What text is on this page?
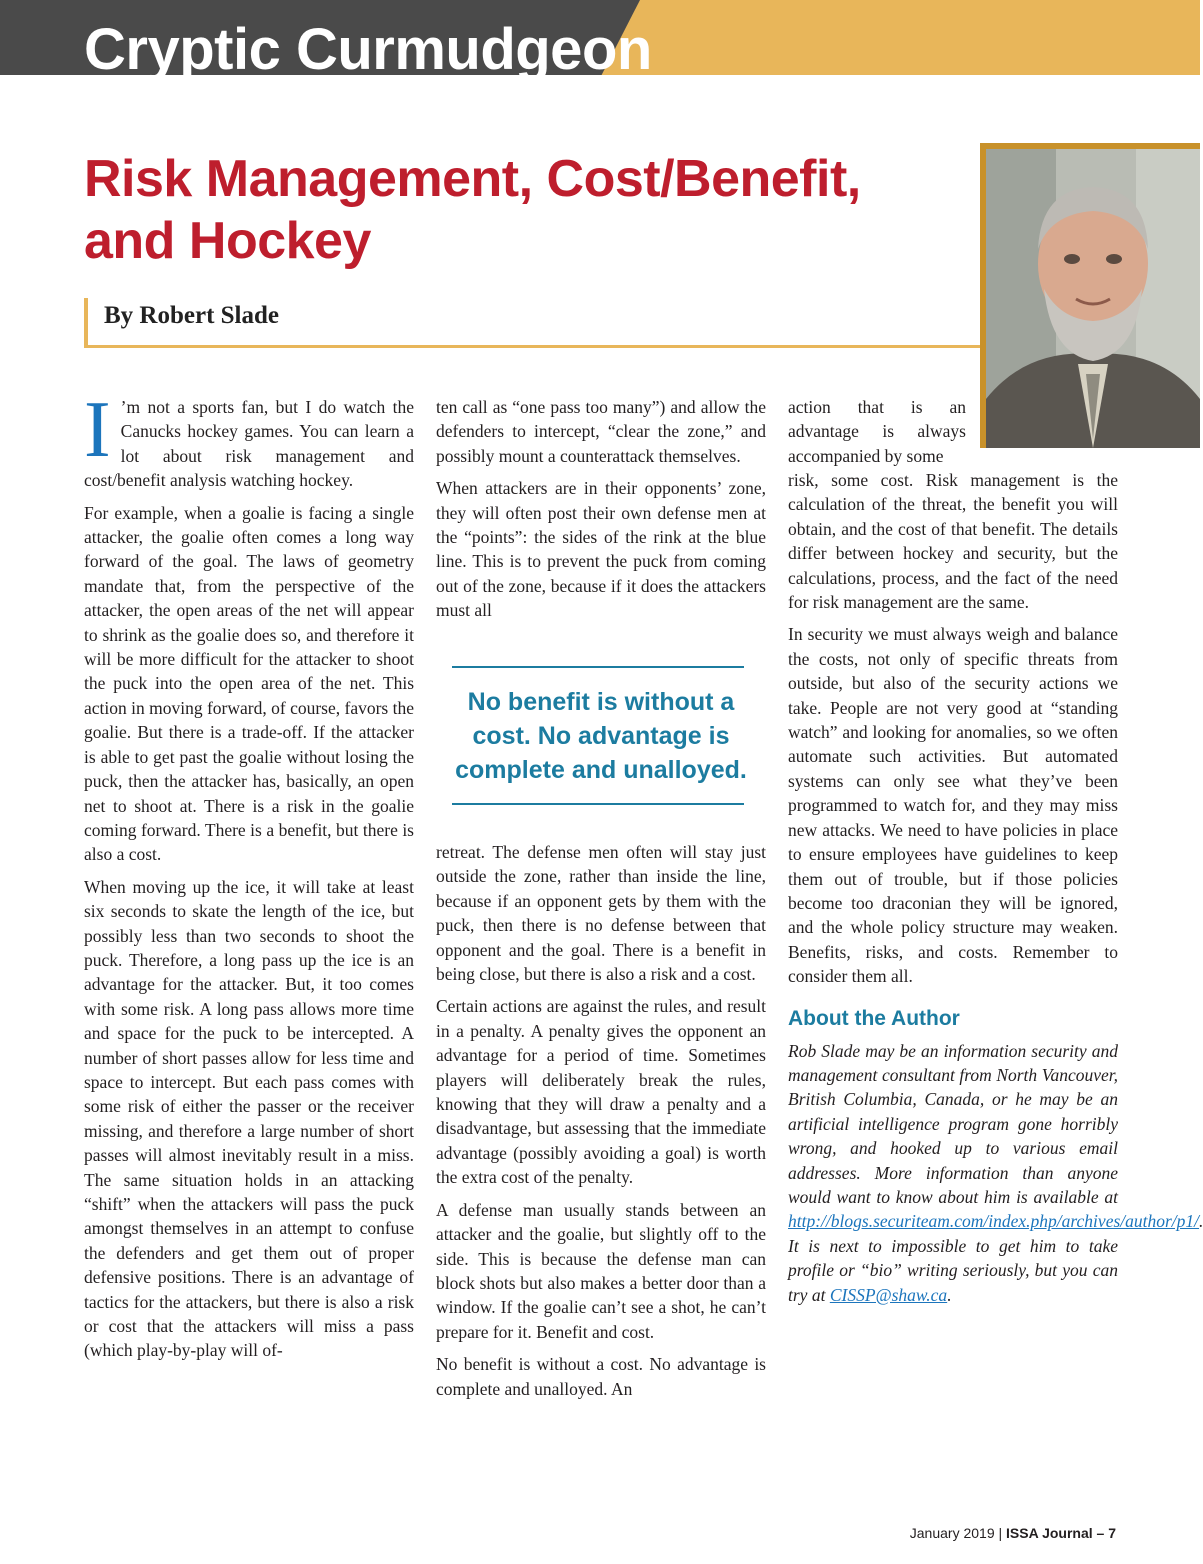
Cryptic Curmudgeon
Risk Management, Cost/Benefit, and Hockey
By Robert Slade

I ’m not a sports fan, but I do watch the Canucks hockey games. You can learn a lot about risk management and cost/benefit analysis watching hockey.

For example, when a goalie is facing a single attacker, the goalie often comes a long way forward of the goal. The laws of geometry mandate that, from the perspective of the attacker, the open areas of the net will appear to shrink as the goalie does so, and therefore it will be more difficult for the attacker to shoot the puck into the open area of the net. This action in moving forward, of course, favors the goalie. But there is a trade-off. If the attacker is able to get past the goalie without losing the puck, then the attacker has, basically, an open net to shoot at. There is a risk in the goalie coming forward. There is a benefit, but there is also a cost.

When moving up the ice, it will take at least six seconds to skate the length of the ice, but possibly less than two seconds to shoot the puck. Therefore, a long pass up the ice is an advantage for the attacker. But, it too comes with some risk. A long pass allows more time and space for the puck to be intercepted. A number of short passes allow for less time and space to intercept. But each pass comes with some risk of either the passer or the receiver missing, and therefore a large number of short passes will almost inevitably result in a miss. The same situation holds in an attacking “shift” when the attackers will pass the puck amongst themselves in an attempt to confuse the defenders and get them out of proper defensive positions. There is an advantage of tactics for the attackers, but there is also a risk or cost that the attackers will miss a pass (which play-by-play will of-

ten call as “one pass too many”) and allow the defenders to intercept, “clear the zone,” and possibly mount a counterattack themselves.

When attackers are in their opponents’ zone, they will often post their own defense men at the “points”: the sides of the rink at the blue line. This is to prevent the puck from coming out of the zone, because if it does the attackers must all

No benefit is without a cost. No advantage is complete and unalloyed.

retreat. The defense men often will stay just outside the zone, rather than inside the line, because if an opponent gets by them with the puck, then there is no defense between that opponent and the goal. There is a benefit in being close, but there is also a risk and a cost.

Certain actions are against the rules, and result in a penalty. A penalty gives the opponent an advantage for a period of time. Sometimes players will deliberately break the rules, knowing that they will draw a penalty and a disadvantage, but assessing that the immediate advantage (possibly avoiding a goal) is worth the extra cost of the penalty.

A defense man usually stands between an attacker and the goalie, but slightly off to the side. This is because the defense man can block shots but also makes a better door than a window. If the goalie can’t see a shot, he can’t prepare for it. Benefit and cost.

No benefit is without a cost. No advantage is complete and unalloyed. An

action that is an advantage is always accompanied by some

risk, some cost. Risk management is the calculation of the threat, the benefit you will obtain, and the cost of that benefit. The details differ between hockey and security, but the calculations, process, and the fact of the need for risk management are the same.

In security we must always weigh and balance the costs, not only of specific threats from outside, but also of the security actions we take. People are not very good at “standing watch” and looking for anomalies, so we often automate such activities. But automated systems can only see what they’ve been programmed to watch for, and they may miss new attacks. We need to have policies in place to ensure employees have guidelines to keep them out of trouble, but if those policies become too draconian they will be ignored, and the whole policy structure may weaken. Benefits, risks, and costs. Remember to consider them all.

About the Author

Rob Slade may be an information security and management consultant from North Vancouver, British Columbia, Canada, or he may be an artificial intelligence program gone horribly wrong, and hooked up to various email addresses. More information than anyone would want to know about him is available at http://blogs.securiteam.com/index.php/archives/author/p1/. It is next to impossible to get him to take profile or “bio” writing seriously, but you can try at CISSP@shaw.ca.

January 2019 | ISSA Journal – 7
